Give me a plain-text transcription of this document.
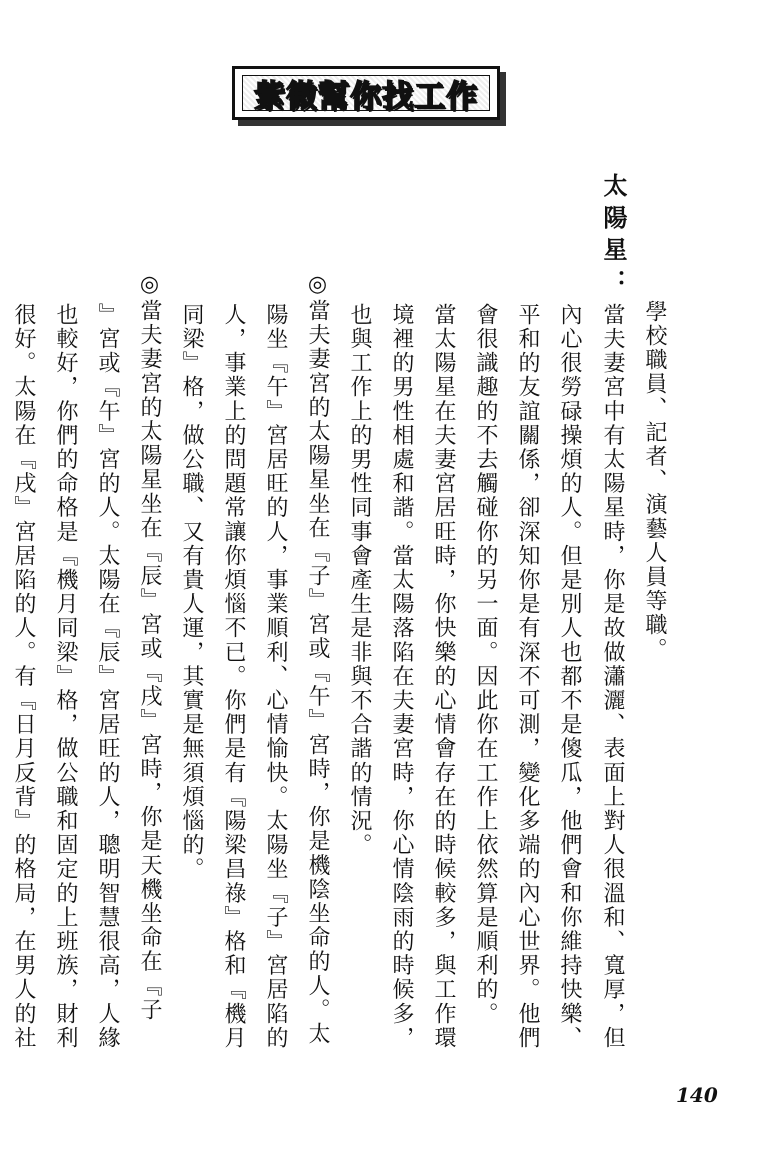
紫微幫你找工作
太陽星：
學校職員、記者、演藝人員等職。
當夫妻宮中有太陽星時，你是故做瀟灑、表面上對人很溫和、寬厚，但
內心很勞碌操煩的人。但是別人也都不是傻瓜，他們會和你維持快樂、
平和的友誼關係，卻深知你是有深不可測，變化多端的內心世界。他們
會很識趣的不去觸碰你的另一面。因此你在工作上依然算是順利的。
當太陽星在夫妻宮居旺時，你快樂的心情會存在的時候較多，與工作環
境裡的男性相處和諧。當太陽落陷在夫妻宮時，你心情陰雨的時候多，
也與工作上的男性同事會產生是非與不合諧的情況。
◎當夫妻宮的太陽星坐在『子』宮或『午』宮時，你是機陰坐命的人。太
陽坐『午』宮居旺的人，事業順利、心情愉快。太陽坐『子』宮居陷的
人，事業上的問題常讓你煩惱不已。你們是有『陽梁昌祿』格和『機月
同梁』格，做公職、又有貴人運，其實是無須煩惱的。
◎當夫妻宮的太陽星坐在『辰』宮或『戌』宮時，你是天機坐命在『子
』宮或『午』宮的人。太陽在『辰』宮居旺的人，聰明智慧很高，人緣
也較好，你們的命格是『機月同梁』格，做公職和固定的上班族，財利
很好。太陽在『戌』宮居陷的人。有『日月反背』的格局，在男人的社
140
